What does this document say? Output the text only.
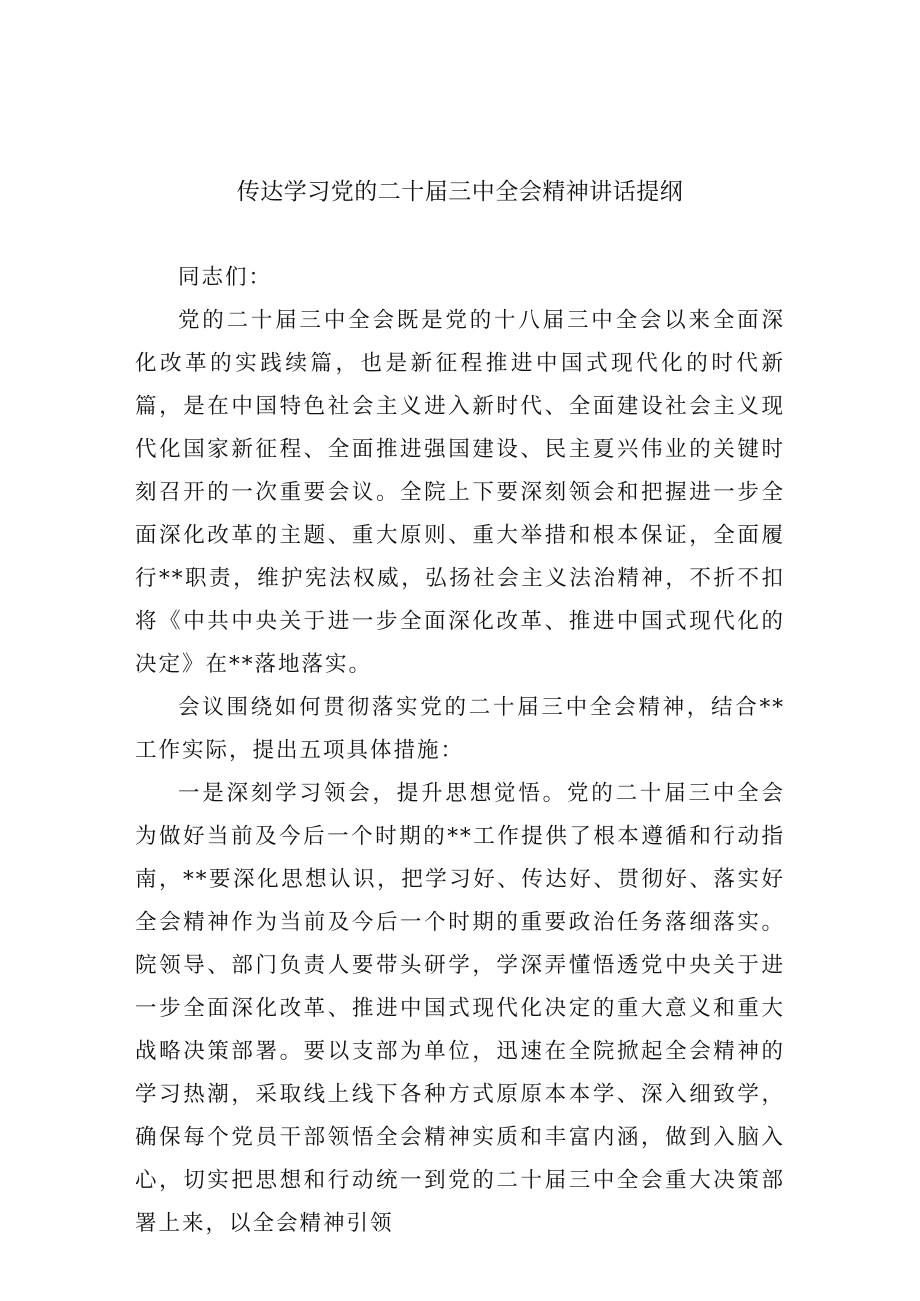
传达学习党的二十届三中全会精神讲话提纲

同志们：

党的二十届三中全会既是党的十八届三中全会以来全面深化改革的实践续篇，也是新征程推进中国式现代化的时代新篇，是在中国特色社会主义进入新时代、全面建设社会主义现代化国家新征程、全面推进强国建设、民主夏兴伟业的关键时刻召开的一次重要会议。全院上下要深刻领会和把握进一步全面深化改革的主题、重大原则、重大举措和根本保证，全面履行**职责，维护宪法权威，弘扬社会主义法治精神，不折不扣将《中共中央关于进一步全面深化改革、推进中国式现代化的决定》在**落地落实。

会议围绕如何贯彻落实党的二十届三中全会精神，结合**工作实际，提出五项具体措施：

一是深刻学习领会，提升思想觉悟。党的二十届三中全会为做好当前及今后一个时期的**工作提供了根本遵循和行动指南，**要深化思想认识，把学习好、传达好、贯彻好、落实好全会精神作为当前及今后一个时期的重要政治任务落细落实。院领导、部门负责人要带头研学，学深弄懂悟透党中央关于进一步全面深化改革、推进中国式现代化决定的重大意义和重大战略决策部署。要以支部为单位，迅速在全院掀起全会精神的学习热潮，采取线上线下各种方式原原本本学、深入细致学，确保每个党员干部领悟全会精神实质和丰富内涵，做到入脑入心，切实把思想和行动统一到党的二十届三中全会重大决策部署上来，以全会精神引领
